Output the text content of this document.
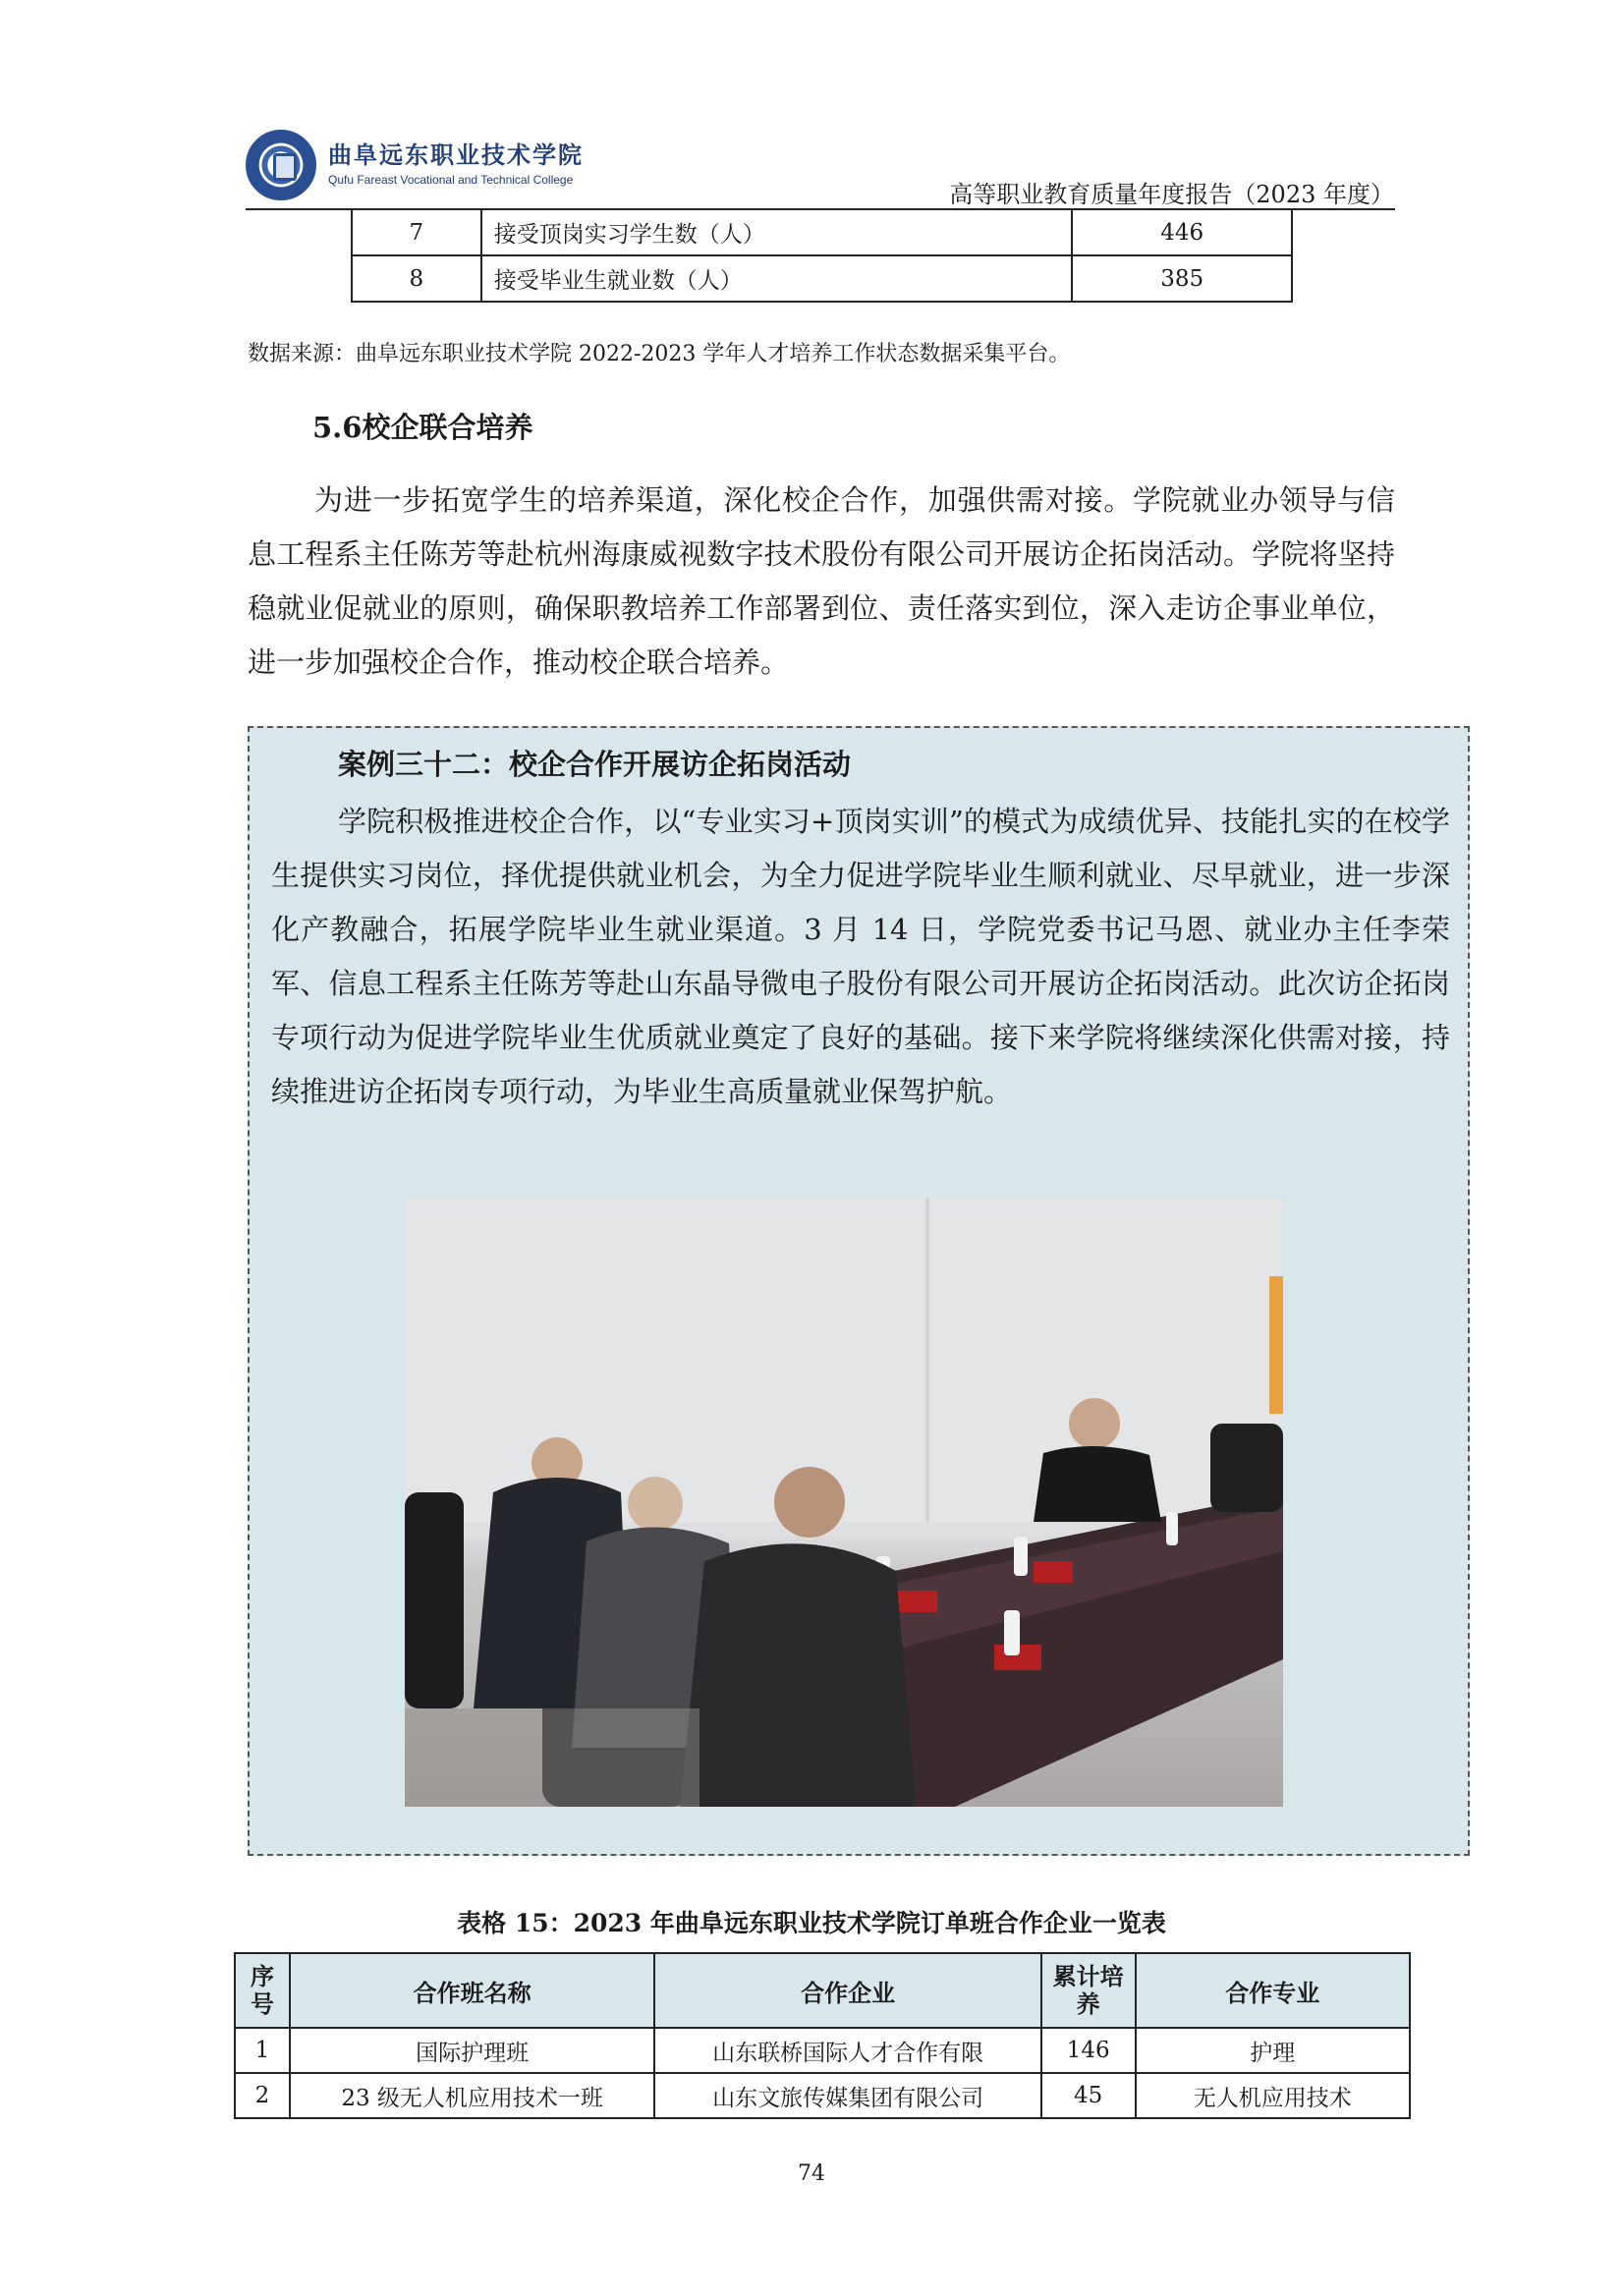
曲阜远东职业技术学院
Qufu Fareast Vocational and Technical College
高等职业教育质量年度报告（2023 年度）
7	接受顶岗实习学生数（人）	446
8	接受毕业生就业数（人）	385
数据来源：曲阜远东职业技术学院 2022-2023 学年人才培养工作状态数据采集平台。
5.6校企联合培养
为进一步拓宽学生的培养渠道，深化校企合作，加强供需对接。学院就业办领导与信息工程系主任陈芳等赴杭州海康威视数字技术股份有限公司开展访企拓岗活动。学院将坚持稳就业促就业的原则，确保职教培养工作部署到位、责任落实到位，深入走访企事业单位，进一步加强校企合作，推动校企联合培养。
案例三十二：校企合作开展访企拓岗活动
学院积极推进校企合作，以“专业实习+顶岗实训”的模式为成绩优异、技能扎实的在校学生提供实习岗位，择优提供就业机会，为全力促进学院毕业生顺利就业、尽早就业，进一步深化产教融合，拓展学院毕业生就业渠道。3 月 14 日，学院党委书记马恩、就业办主任李荣军、信息工程系主任陈芳等赴山东晶导微电子股份有限公司开展访企拓岗活动。此次访企拓岗专项行动为促进学院毕业生优质就业奠定了良好的基础。接下来学院将继续深化供需对接，持续推进访企拓岗专项行动，为毕业生高质量就业保驾护航。
表格 15：2023 年曲阜远东职业技术学院订单班合作企业一览表
序号	合作班名称	合作企业	累计培养	合作专业
1	国际护理班	山东联桥国际人才合作有限	146	护理
2	23 级无人机应用技术一班	山东文旅传媒集团有限公司	45	无人机应用技术
74
